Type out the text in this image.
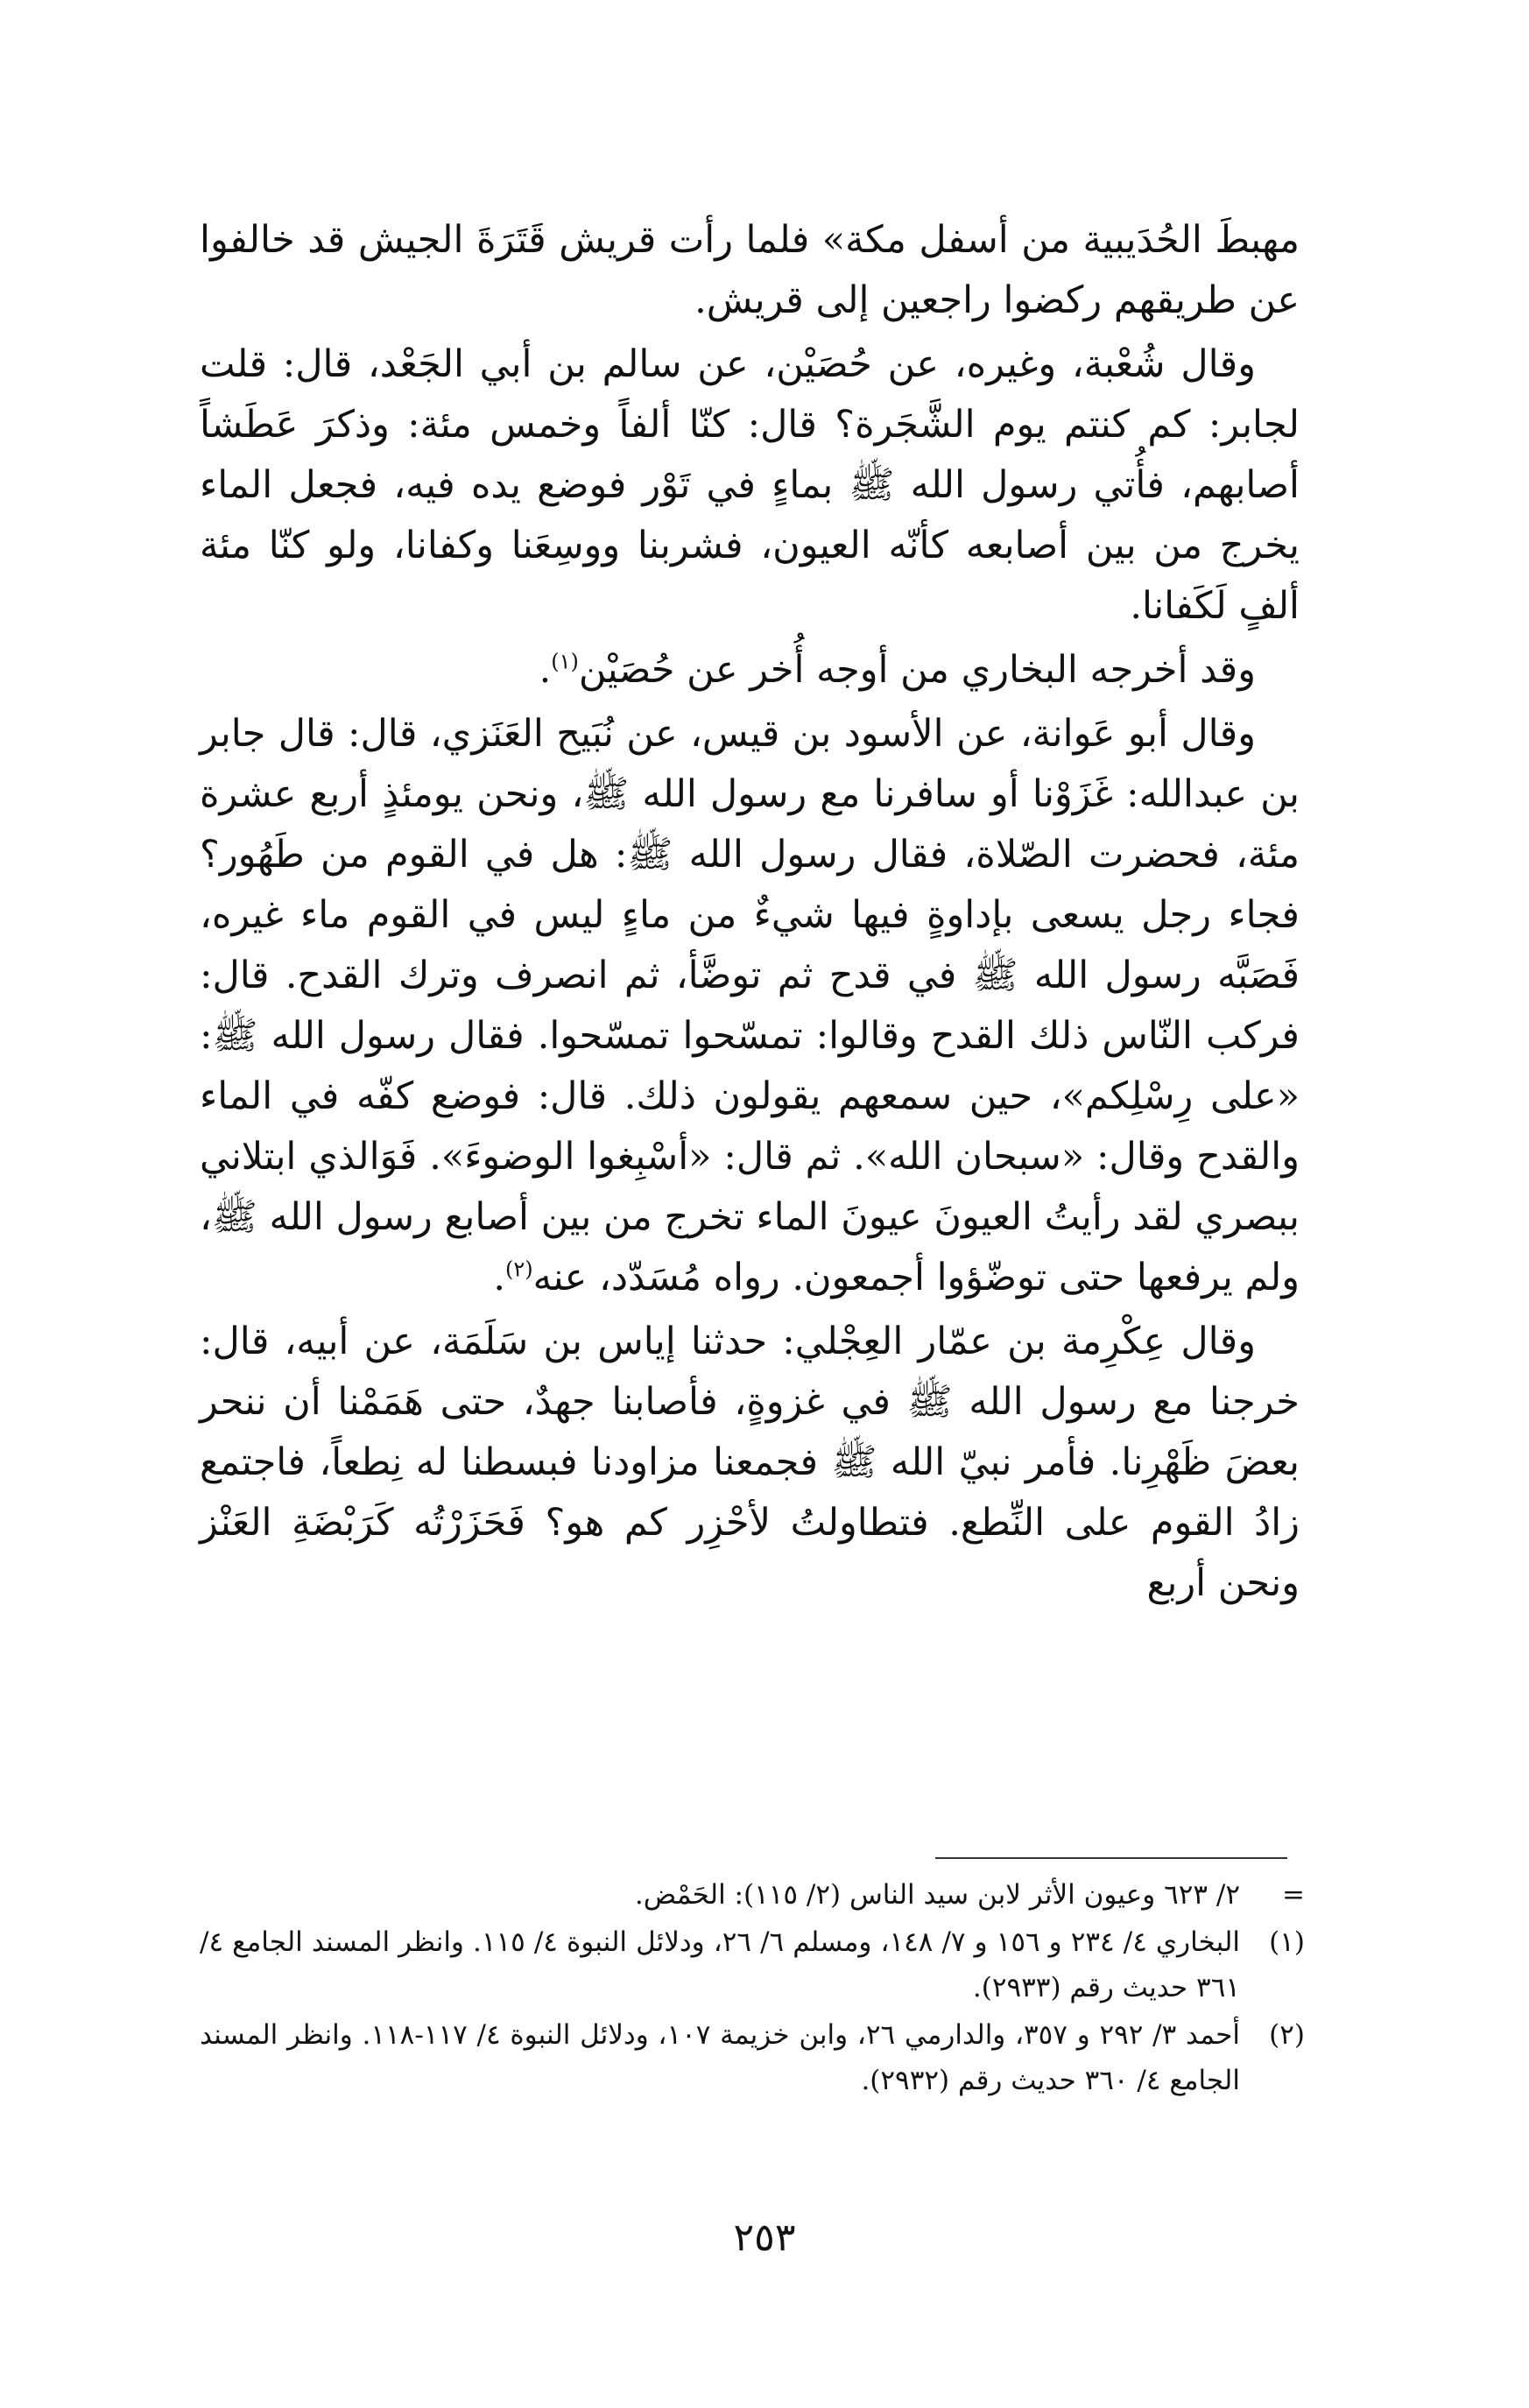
مهبطَ الحُدَيبية من أسفل مكة» فلما رأت قريش قَتَرَةَ الجيش قد خالفوا عن طريقهم ركضوا راجعين إلى قريش.

وقال شُعْبة، وغيره، عن حُصَيْن، عن سالم بن أبي الجَعْد، قال: قلت لجابر: كم كنتم يوم الشَّجَرة؟ قال: كنّا ألفاً وخمس مئة: وذكرَ عَطَشاً أصابهم، فأُتي رسول الله ﷺ بماءٍ في تَوْر فوضع يده فيه، فجعل الماء يخرج من بين أصابعه كأنّه العيون، فشربنا ووسِعَنا وكفانا، ولو كنّا مئة ألفٍ لَكَفانا.

وقد أخرجه البخاري من أوجه أُخر عن حُصَيْن$^{(١)}$.

وقال أبو عَوانة، عن الأسود بن قيس، عن نُبَيح العَنَزي، قال: قال جابر بن عبدالله: غَزَوْنا أو سافرنا مع رسول الله ﷺ، ونحن يومئذٍ أربع عشرة مئة، فحضرت الصّلاة، فقال رسول الله ﷺ: هل في القوم من طَهُور؟ فجاء رجل يسعى بإداوةٍ فيها شيءٌ من ماءٍ ليس في القوم ماء غيره، فَصَبَّه رسول الله ﷺ في قدح ثم توضَّأ، ثم انصرف وترك القدح. قال: فركب النّاس ذلك القدح وقالوا: تمسّحوا تمسّحوا. فقال رسول الله ﷺ: «على رِسْلِكم»، حين سمعهم يقولون ذلك. قال: فوضع كفّه في الماء والقدح وقال: «سبحان الله». ثم قال: «أسْبِغوا الوضوءَ». فَوَالذي ابتلاني ببصري لقد رأيتُ العيونَ عيونَ الماء تخرج من بين أصابع رسول الله ﷺ، ولم يرفعها حتى توضّؤوا أجمعون. رواه مُسَدّد، عنه$^{(٢)}$.

وقال عِكْرِمة بن عمّار العِجْلي: حدثنا إياس بن سَلَمَة، عن أبيه، قال: خرجنا مع رسول الله ﷺ في غزوةٍ، فأصابنا جهدٌ، حتى هَمَمْنا أن ننحر بعضَ ظَهْرِنا. فأمر نبيّ الله ﷺ فجمعنا مزاودنا فبسطنا له نِطعاً، فاجتمع زادُ القوم على النِّطع. فتطاولتُ لأحْزِر كم هو؟ فَحَزَرْتُه كَرَبْضَةِ العَنْز ونحن أربع

=
٢/ ٦٢٣ وعيون الأثر لابن سيد الناس (٢/ ١١٥): الحَمْض.
(١)
البخاري ٤/ ٢٣٤ و ١٥٦ و ٧/ ١٤٨، ومسلم ٦/ ٢٦، ودلائل النبوة ٤/ ١١٥. وانظر المسند الجامع ٤/ ٣٦١ حديث رقم (٢٩٣٣).
(٢)
أحمد ٣/ ٢٩٢ و ٣٥٧، والدارمي ٢٦، وابن خزيمة ١٠٧، ودلائل النبوة ٤/ ١١٧-١١٨. وانظر المسند الجامع ٤/ ٣٦٠ حديث رقم (٢٩٣٢).
٢٥٣
